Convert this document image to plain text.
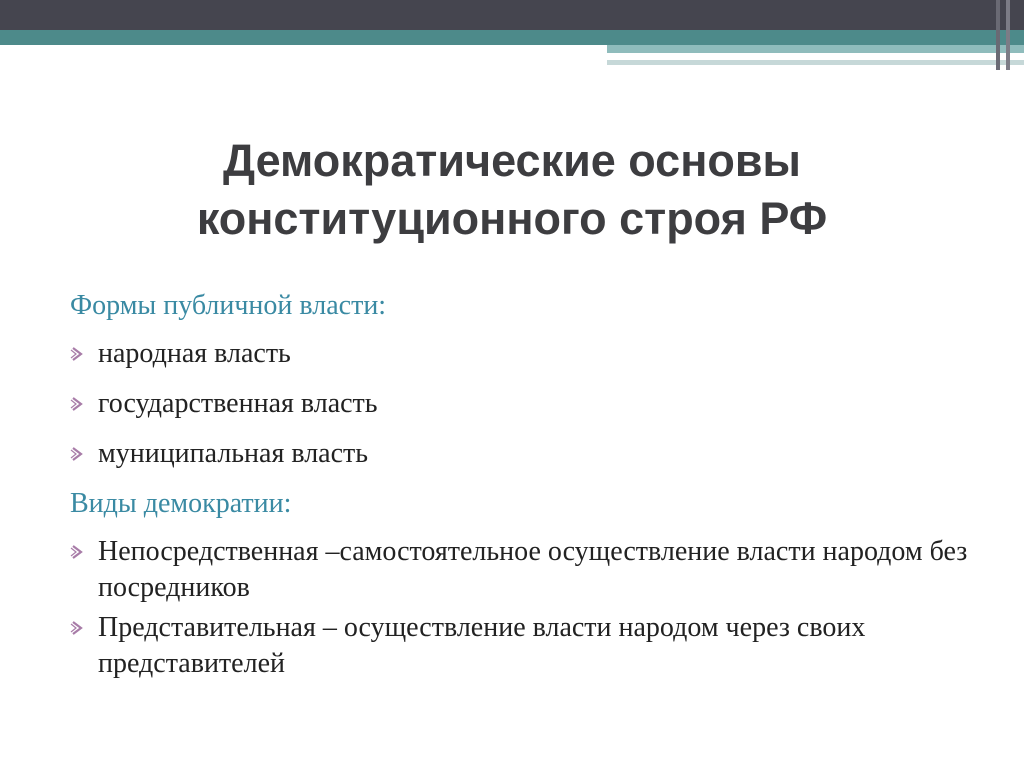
Демократические основы конституционного строя РФ
Формы публичной власти:
народная власть
государственная власть
муниципальная власть
Виды демократии:
Непосредственная –самостоятельное осуществление власти народом без посредников
Представительная – осуществление власти народом через своих представителей
